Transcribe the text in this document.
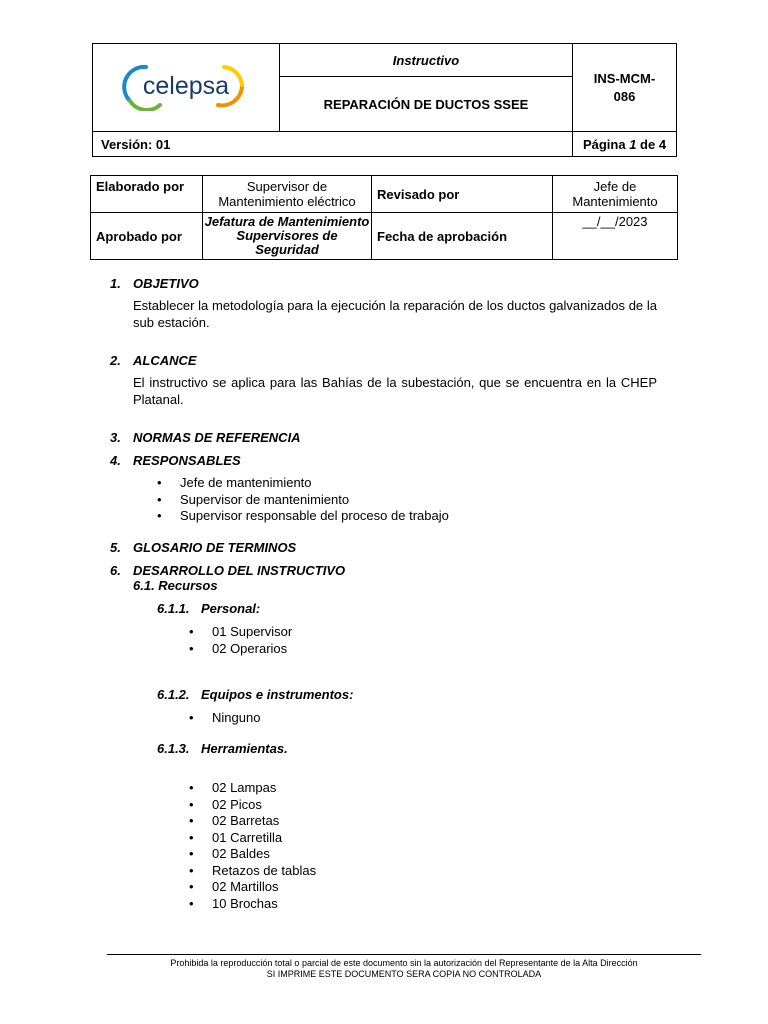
celepsa	Instructivo	INS-MCM-
086
	REPARACIÓN DE DUCTOS SSEE	
Versión: 01		Página 1 de 4
Elaborado por	Supervisor de
Mantenimiento eléctrico	Revisado por	Jefe de
Mantenimiento
Aprobado por	Jefatura de Mantenimiento
Supervisores de
Seguridad	Fecha de aprobación	__/__/2023
1. OBJETIVO
Establecer la metodología para la ejecución la reparación de los ductos galvanizados de la sub estación.
2. ALCANCE
El instructivo se aplica para las Bahías de la subestación, que se encuentra en la CHEP Platanal.
3. NORMAS DE REFERENCIA
4. RESPONSABLES
• Jefe de mantenimiento
• Supervisor de mantenimiento
• Supervisor responsable del proceso de trabajo
5. GLOSARIO DE TERMINOS
6. DESARROLLO DEL INSTRUCTIVO
6.1. Recursos
6.1.1. Personal:
• 01 Supervisor
• 02 Operarios
6.1.2. Equipos e instrumentos:
• Ninguno
6.1.3. Herramientas.
• 02 Lampas
• 02 Picos
• 02 Barretas
• 01 Carretilla
• 02 Baldes
• Retazos de tablas
• 02 Martillos
• 10 Brochas
Prohibida la reproducción total o parcial de este documento sin la autorización del Representante de la Alta Dirección
SI IMPRIME ESTE DOCUMENTO SERA COPIA NO CONTROLADA
